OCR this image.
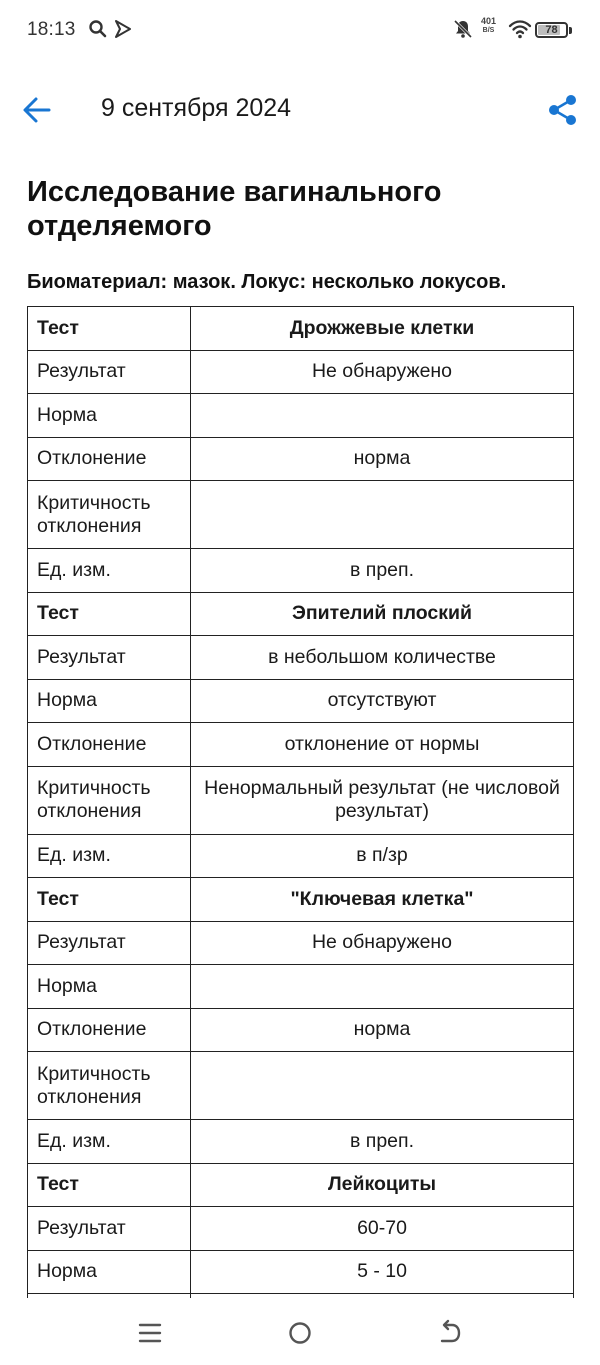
18:13	401
B/S	78
9 сентября 2024
Исследование вагинального отделяемого
Биоматериал: мазок. Локус: несколько локусов.
Тест	Дрожжевые клетки
Результат	Не обнаружено
Норма	
Отклонение	норма
Критичность отклонения	
Ед. изм.	в преп.
Тест	Эпителий плоский
Результат	в небольшом количестве
Норма	отсутствуют
Отклонение	отклонение от нормы
Критичность отклонения	Ненормальный результат (не числовой результат)
Ед. изм.	в п/зр
Тест	"Ключевая клетка"
Результат	Не обнаружено
Норма	
Отклонение	норма
Критичность отклонения	
Ед. изм.	в преп.
Тест	Лейкоциты
Результат	60-70
Норма	5 - 10
